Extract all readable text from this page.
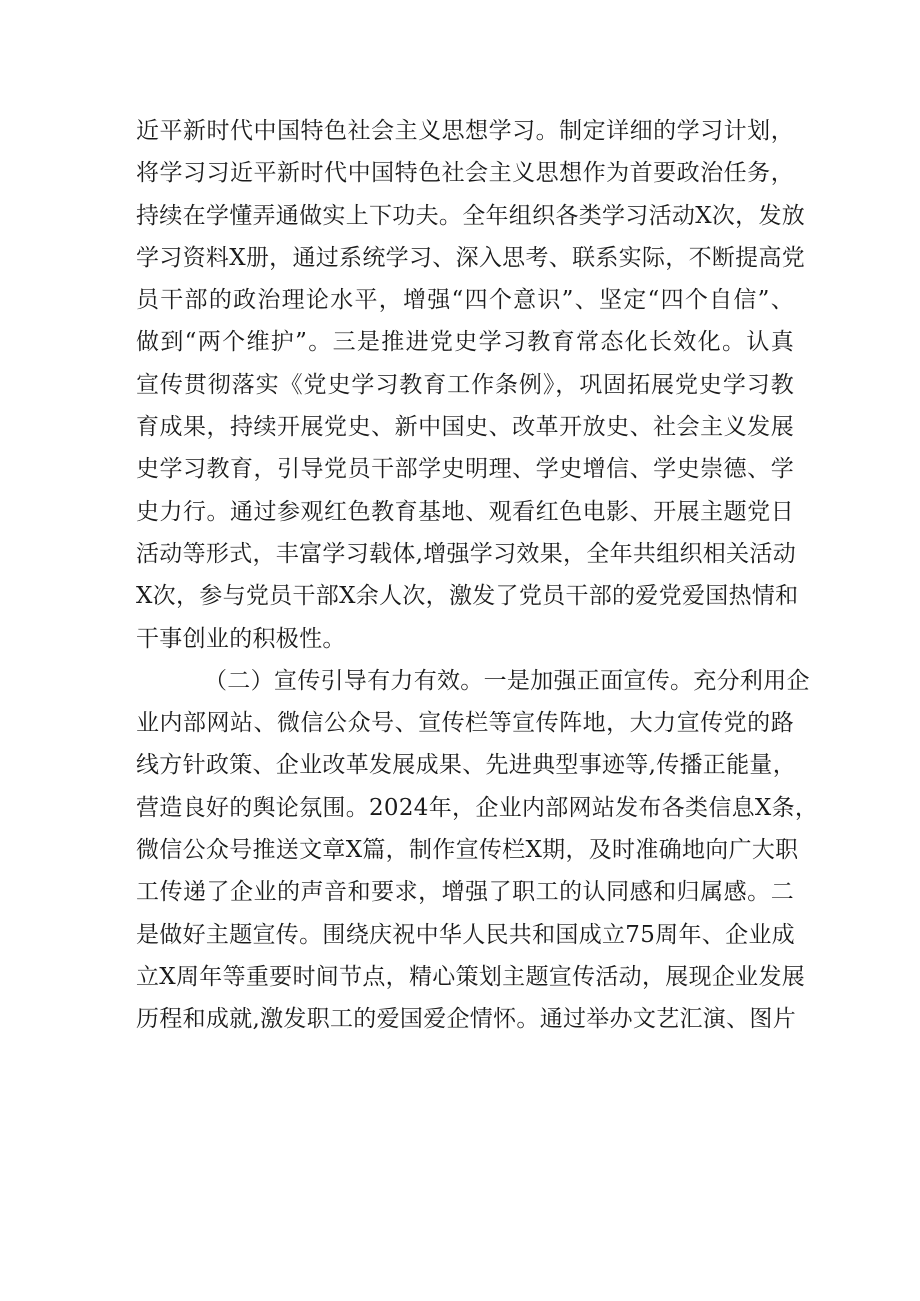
近平新时代中国特色社会主义思想学习。制定详细的学习计划，
将学习习近平新时代中国特色社会主义思想作为首要政治任务，
持续在学懂弄通做实上下功夫。全年组织各类学习活动X次，发放
学习资料X册，通过系统学习、深入思考、联系实际，不断提高党
员干部的政治理论水平，增强“四个意识”、坚定“四个自信”、
做到“两个维护”。三是推进党史学习教育常态化长效化。认真
宣传贯彻落实《党史学习教育工作条例》，巩固拓展党史学习教
育成果，持续开展党史、新中国史、改革开放史、社会主义发展
史学习教育，引导党员干部学史明理、学史增信、学史崇德、学
史力行。通过参观红色教育基地、观看红色电影、开展主题党日
活动等形式，丰富学习载体,增强学习效果，全年共组织相关活动
X次，参与党员干部X余人次，激发了党员干部的爱党爱国热情和
干事创业的积极性。
（二）宣传引导有力有效。一是加强正面宣传。充分利用企
业内部网站、微信公众号、宣传栏等宣传阵地，大力宣传党的路
线方针政策、企业改革发展成果、先进典型事迹等,传播正能量，
营造良好的舆论氛围。2024年，企业内部网站发布各类信息X条，
微信公众号推送文章X篇，制作宣传栏X期，及时准确地向广大职
工传递了企业的声音和要求，增强了职工的认同感和归属感。二
是做好主题宣传。围绕庆祝中华人民共和国成立75周年、企业成
立X周年等重要时间节点，精心策划主题宣传活动，展现企业发展
历程和成就,激发职工的爱国爱企情怀。通过举办文艺汇演、图片
